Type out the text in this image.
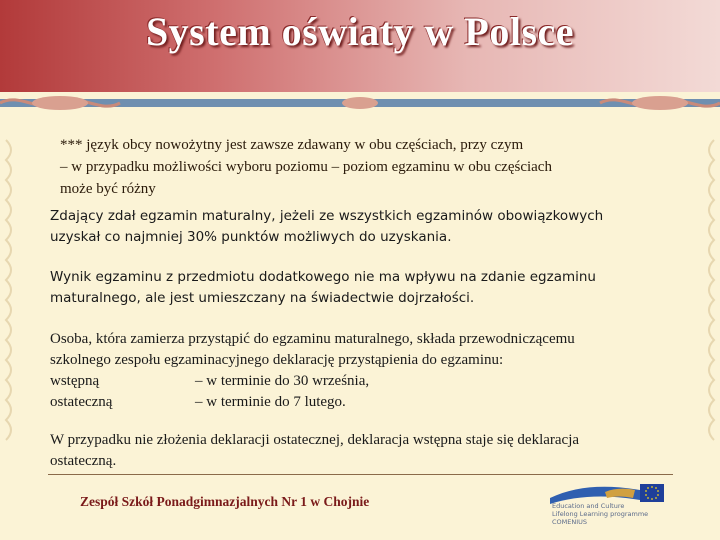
System oświaty w Polsce
*** język obcy nowożytny jest zawsze zdawany w obu częściach, przy czym
– w przypadku możliwości wyboru poziomu – poziom egzaminu w obu częściach
może być różny
Zdający zdał egzamin maturalny, jeżeli ze wszystkich egzaminów obowiązkowych
uzyskał co najmniej 30% punktów możliwych do uzyskania.
Wynik egzaminu z przedmiotu dodatkowego nie ma wpływu na zdanie egzaminu
maturalnego, ale jest umieszczany na świadectwie dojrzałości.
Osoba, która zamierza przystąpić do egzaminu maturalnego, składa przewodniczącemu
szkolnego zespołu egzaminacyjnego deklarację przystąpienia do egzaminu:
wstępną	– w terminie do 30 września,
ostateczną	– w terminie do 7 lutego.
W przypadku nie złożenia deklaracji ostatecznej, deklaracja wstępna staje się deklaracja
ostateczną.
Zespół Szkół Ponadgimnazjalnych Nr 1 w Chojnie	Education and Culture
Lifelong Learning programme
COMENIUS
